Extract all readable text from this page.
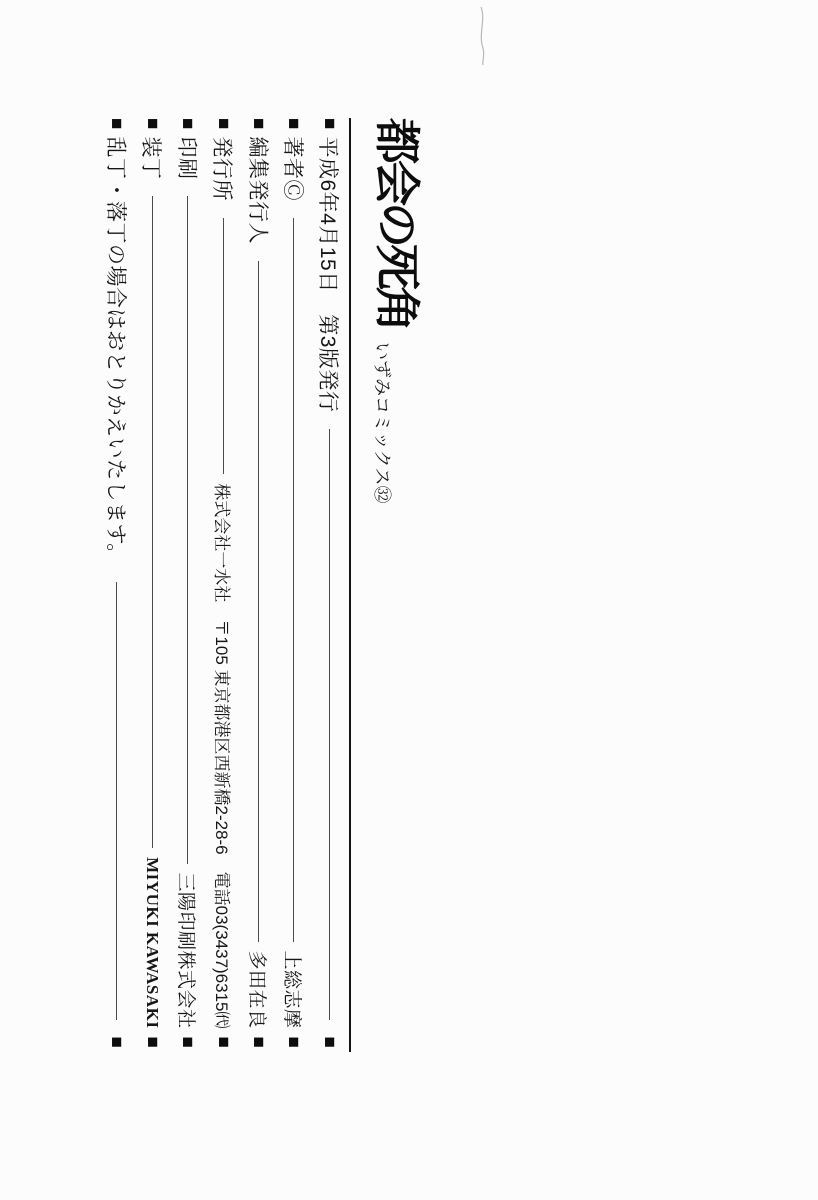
都会の死角
いずみコミックス㉜
■
平成6年4月15日　第3版発行
■
■
著者Ⓒ
上総志摩
■
■
編集発行人
多田在良
■
■
発行所
株式会社一水社　〒105 東京都港区西新橋2-28-6　電話03(3437)6315㈹
■
■
印刷
三陽印刷株式会社
■
■
装丁
MIYUKI KAWASAKI
■
■
乱丁・落丁の場合はおとりかえいたします。
■
